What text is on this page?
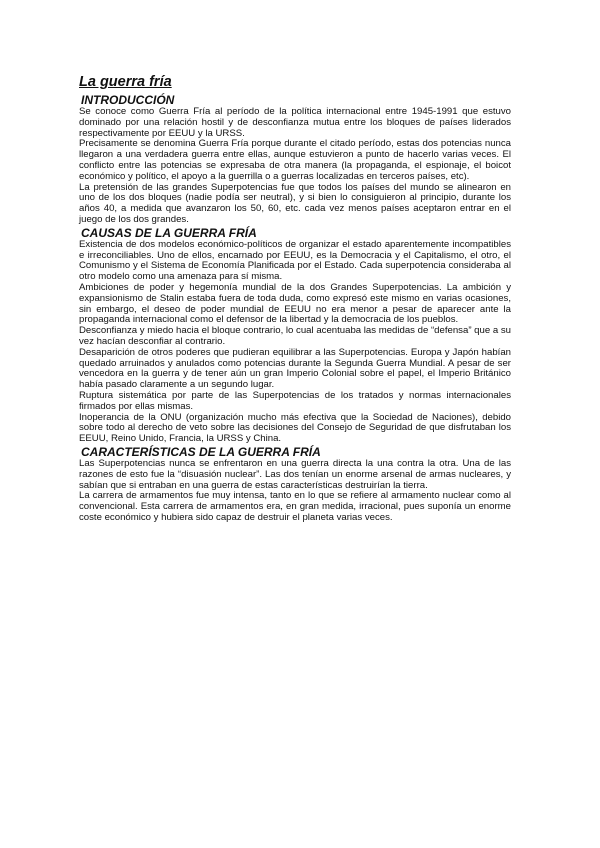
La guerra fría
INTRODUCCIÓN

Se conoce como Guerra Fría al período de la política internacional entre 1945-1991 que estuvo dominado por una relación hostil y de desconfianza mutua entre los bloques de países liderados respectivamente por EEUU y la URSS.

Precisamente se denomina Guerra Fría porque durante el citado período, estas dos potencias nunca llegaron a una verdadera guerra entre ellas, aunque estuvieron a punto de hacerlo varias veces. El conflicto entre las potencias se expresaba de otra manera (la propaganda, el espionaje, el boicot económico y político, el apoyo a la guerrilla o a guerras localizadas en terceros países, etc).

La pretensión de las grandes Superpotencias fue que todos los países del mundo se alinearon en uno de los dos bloques (nadie podía ser neutral), y si bien lo consiguieron al principio, durante los años 40, a medida que avanzaron los 50, 60, etc. cada vez menos países aceptaron entrar en el juego de los dos grandes.

CAUSAS DE LA GUERRA FRÍA

Existencia de dos modelos económico-políticos de organizar el estado aparentemente incompatibles e irreconciliables. Uno de ellos, encarnado por EEUU, es la Democracia y el Capitalismo, el otro, el Comunismo y el Sistema de Economía Planificada por el Estado. Cada superpotencia consideraba al otro modelo como una amenaza para sí misma.

Ambiciones de poder y hegemonía mundial de la dos Grandes Superpotencias. La ambición y expansionismo de Stalin estaba fuera de toda duda, como expresó este mismo en varias ocasiones, sin embargo, el deseo de poder mundial de EEUU no era menor a pesar de aparecer ante la propaganda internacional como el defensor de la libertad y la democracia de los pueblos.

Desconfianza y miedo hacia el bloque contrario, lo cual acentuaba las medidas de “defensa” que a su vez hacían desconfiar al contrario.

Desaparición de otros poderes que pudieran equilibrar a las Superpotencias. Europa y Japón habían quedado arruinados y anulados como potencias durante la Segunda Guerra Mundial. A pesar de ser vencedora en la guerra y de tener aún un gran Imperio Colonial sobre el papel, el Imperio Británico había pasado claramente a un segundo lugar.

Ruptura sistemática por parte de las Superpotencias de los tratados y normas internacionales firmados por ellas mismas.

Inoperancia de la ONU (organización mucho más efectiva que la Sociedad de Naciones), debido sobre todo al derecho de veto sobre las decisiones del Consejo de Seguridad de que disfrutaban los EEUU, Reino Unido, Francia, la URSS y China.

CARACTERÍSTICAS DE LA GUERRA FRÍA

Las Superpotencias nunca se enfrentaron en una guerra directa la una contra la otra. Una de las razones de esto fue la “disuasión nuclear”. Las dos tenían un enorme arsenal de armas nucleares, y sabían que si entraban en una guerra de estas características destruirían la tierra.

La carrera de armamentos fue muy intensa, tanto en lo que se refiere al armamento nuclear como al convencional. Esta carrera de armamentos era, en gran medida, irracional, pues suponía un enorme coste económico y hubiera sido capaz de destruir el planeta varias veces.
